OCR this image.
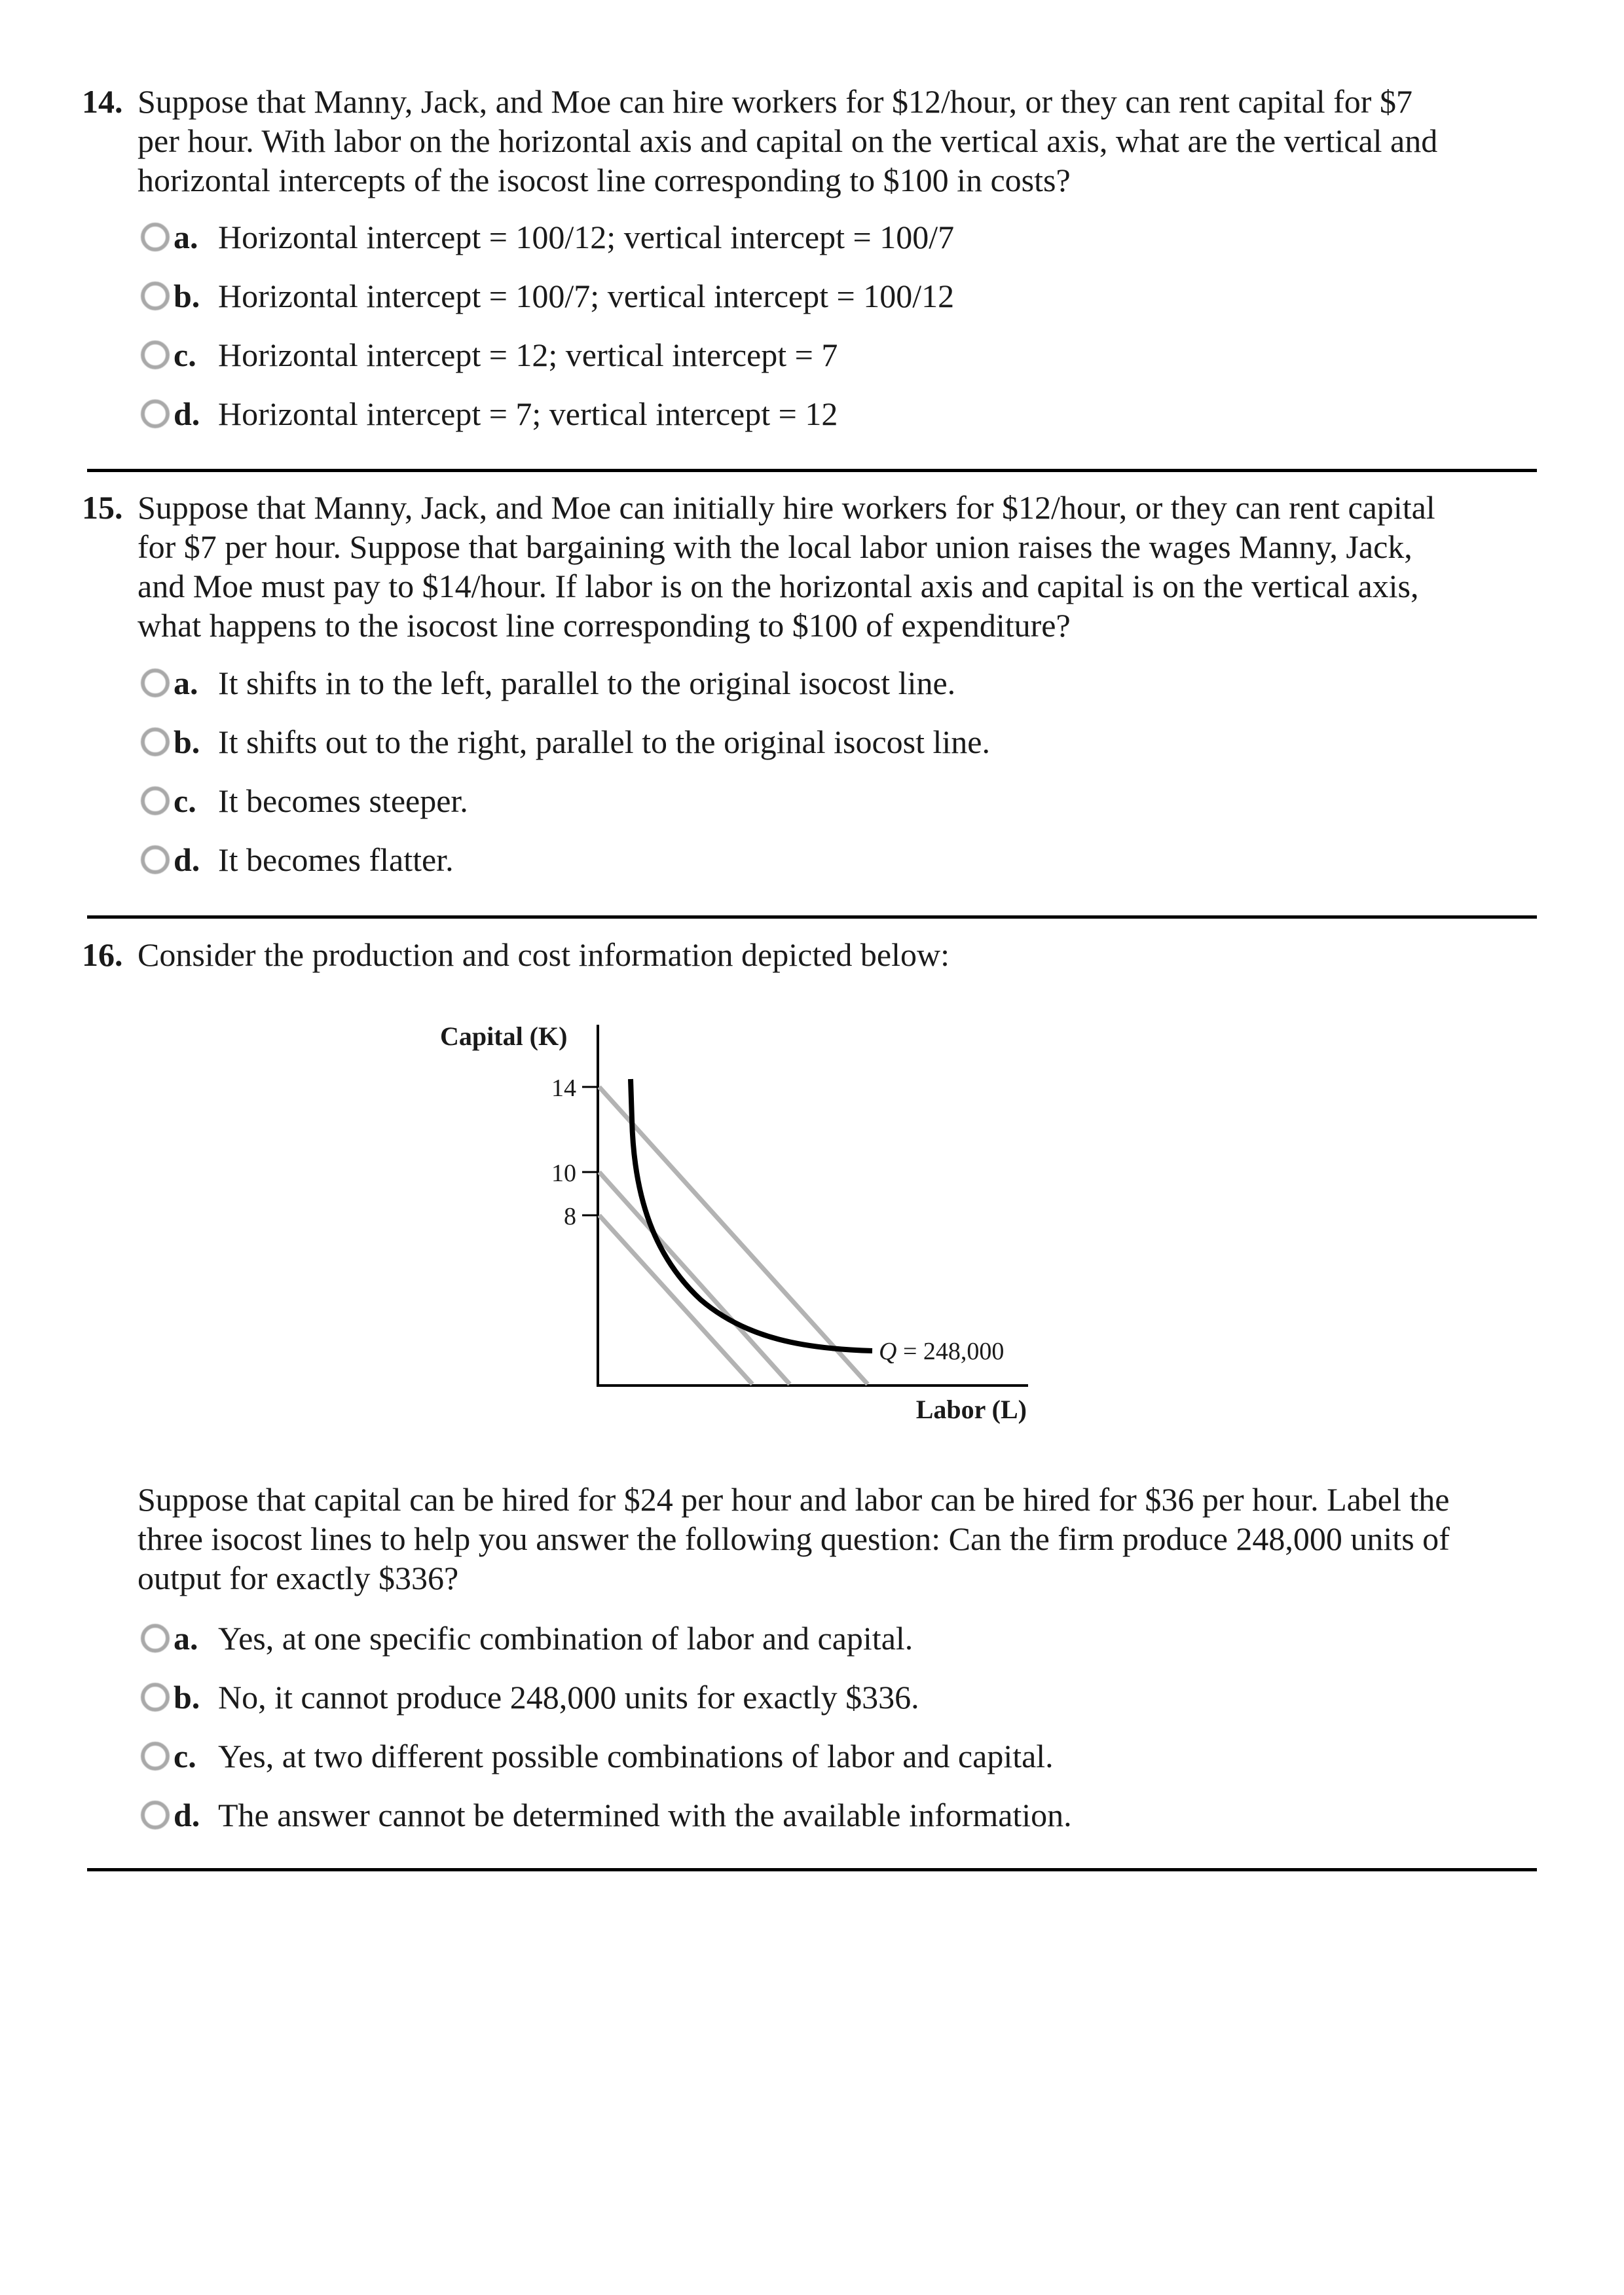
14. Suppose that Manny, Jack, and Moe can hire workers for $12/hour, or they can rent capital for $7
per hour. With labor on the horizontal axis and capital on the vertical axis, what are the vertical and
horizontal intercepts of the isocost line corresponding to $100 in costs?
a. Horizontal intercept = 100/12; vertical intercept = 100/7
b. Horizontal intercept = 100/7; vertical intercept = 100/12
c. Horizontal intercept = 12; vertical intercept = 7
d. Horizontal intercept = 7; vertical intercept = 12
15. Suppose that Manny, Jack, and Moe can initially hire workers for $12/hour, or they can rent capital
for $7 per hour. Suppose that bargaining with the local labor union raises the wages Manny, Jack,
and Moe must pay to $14/hour. If labor is on the horizontal axis and capital is on the vertical axis,
what happens to the isocost line corresponding to $100 of expenditure?
a. It shifts in to the left, parallel to the original isocost line.
b. It shifts out to the right, parallel to the original isocost line.
c. It becomes steeper.
d. It becomes flatter.
16. Consider the production and cost information depicted below:
Capital (K)
14
10
8
Q = 248,000
Labor (L)
Suppose that capital can be hired for $24 per hour and labor can be hired for $36 per hour. Label the
three isocost lines to help you answer the following question: Can the firm produce 248,000 units of
output for exactly $336?
a. Yes, at one specific combination of labor and capital.
b. No, it cannot produce 248,000 units for exactly $336.
c. Yes, at two different possible combinations of labor and capital.
d. The answer cannot be determined with the available information.
